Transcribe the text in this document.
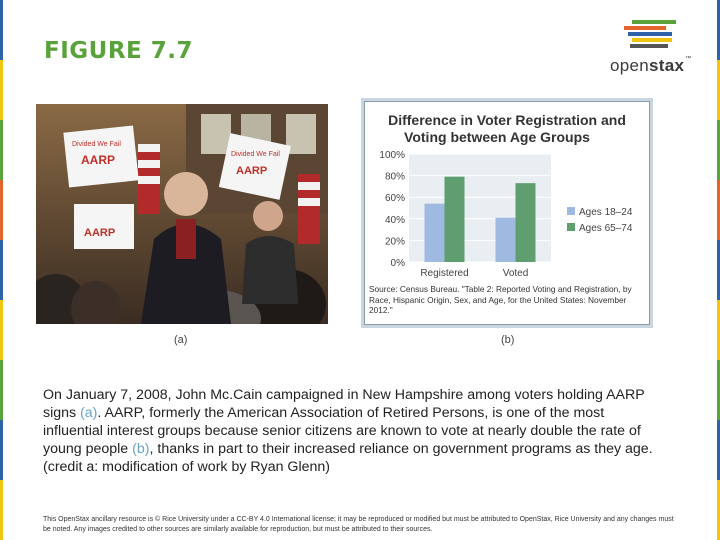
FIGURE 7.7
openstax™
AARP
Divided We Fail
AARP
Divided We Fail
AARP
Difference in Voter Registration and
Voting between Age Groups
0%
20%
40%
60%
80%
100%
Registered	Voted
Ages 18–24
Ages 65–74
Source: Census Bureau. "Table 2: Reported Voting and Registration, by Race, Hispanic Origin, Sex, and Age, for the United States: November 2012."
(a)	(b)
On January 7, 2008, John Mc.Cain campaigned in New Hampshire among voters holding AARP signs (a). AARP, formerly the American Association of Retired Persons, is one of the most influential interest groups because senior citizens are known to vote at nearly double the rate of young people (b), thanks in part to their increased reliance on government programs as they age. (credit a: modification of work by Ryan Glenn)
This OpenStax ancillary resource is © Rice University under a CC-BY 4.0 International license; it may be reproduced or modified but must be attributed to OpenStax, Rice University and any changes must be noted. Any images credited to other sources are similarly available for reproduction, but must be attributed to their sources.
